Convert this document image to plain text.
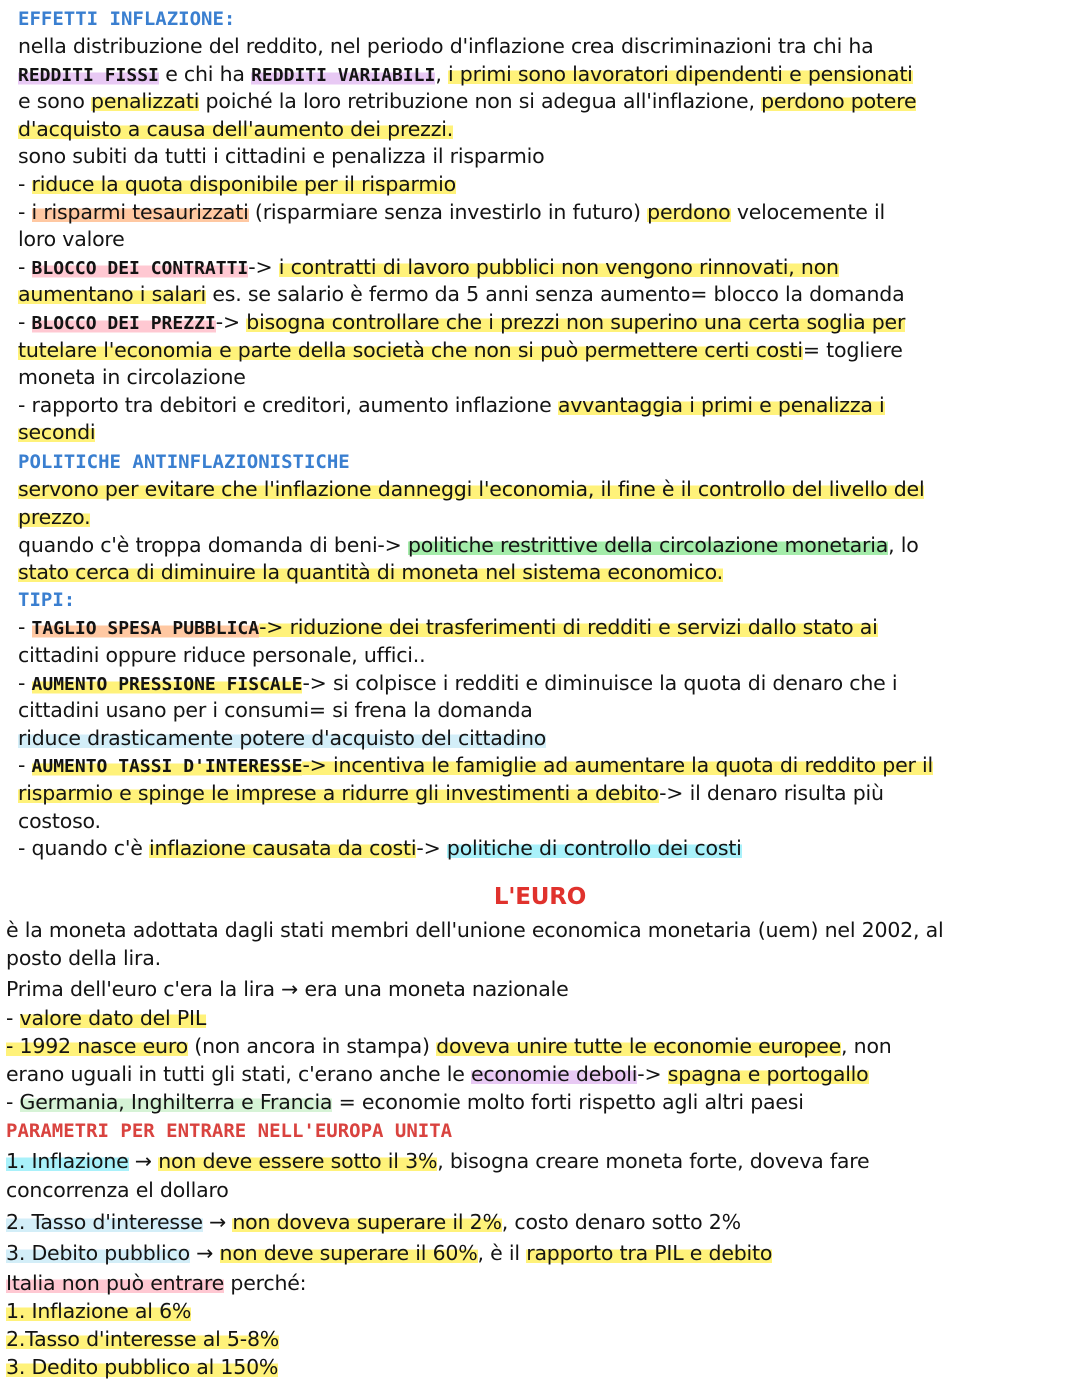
EFFETTI INFLAZIONE:
nella distribuzione del reddito, nel periodo d'inflazione crea discriminazioni tra chi ha
REDDITI FISSI e chi ha REDDITI VARIABILI, i primi sono lavoratori dipendenti e pensionati
e sono penalizzati poiché la loro retribuzione non si adegua all'inflazione, perdono potere
d'acquisto a causa dell'aumento dei prezzi.
sono subiti da tutti i cittadini e penalizza il risparmio
- riduce la quota disponibile per il risparmio
- i risparmi tesaurizzati (risparmiare senza investirlo in futuro) perdono velocemente il
loro valore
- BLOCCO DEI CONTRATTI-> i contratti di lavoro pubblici non vengono rinnovati, non
aumentano i salari es. se salario è fermo da 5 anni senza aumento= blocco la domanda
- BLOCCO DEI PREZZI-> bisogna controllare che i prezzi non superino una certa soglia per
tutelare l'economia e parte della società che non si può permettere certi costi= togliere
moneta in circolazione
- rapporto tra debitori e creditori, aumento inflazione avvantaggia i primi e penalizza i
secondi
POLITICHE ANTINFLAZIONISTICHE
servono per evitare che l'inflazione danneggi l'economia, il fine è il controllo del livello del
prezzo.
quando c'è troppa domanda di beni-> politiche restrittive della circolazione monetaria, lo
stato cerca di diminuire la quantità di moneta nel sistema economico.
TIPI:
- TAGLIO SPESA PUBBLICA-> riduzione dei trasferimenti di redditi e servizi dallo stato ai
cittadini oppure riduce personale, uffici..
- AUMENTO PRESSIONE FISCALE-> si colpisce i redditi e diminuisce la quota di denaro che i
cittadini usano per i consumi= si frena la domanda
riduce drasticamente potere d'acquisto del cittadino
- AUMENTO TASSI D'INTERESSE-> incentiva le famiglie ad aumentare la quota di reddito per il
risparmio e spinge le imprese a ridurre gli investimenti a debito-> il denaro risulta più
costoso.
- quando c'è inflazione causata da costi-> politiche di controllo dei costi
L'EURO
è la moneta adottata dagli stati membri dell'unione economica monetaria (uem) nel 2002, al
posto della lira.
Prima dell'euro c'era la lira → era una moneta nazionale
- valore dato del PIL
- 1992 nasce euro (non ancora in stampa) doveva unire tutte le economie europee, non
erano uguali in tutti gli stati, c'erano anche le economie deboli-> spagna e portogallo
- Germania, Inghilterra e Francia = economie molto forti rispetto agli altri paesi
PARAMETRI PER ENTRARE NELL'EUROPA UNITA
1. Inflazione → non deve essere sotto il 3%, bisogna creare moneta forte, doveva fare
concorrenza el dollaro
2. Tasso d'interesse → non doveva superare il 2%, costo denaro sotto 2%
3. Debito pubblico → non deve superare il 60%, è il rapporto tra PIL e debito
Italia non può entrare perché:
1. Inflazione al 6%
2.Tasso d'interesse al 5-8%
3. Dedito pubblico al 150%
